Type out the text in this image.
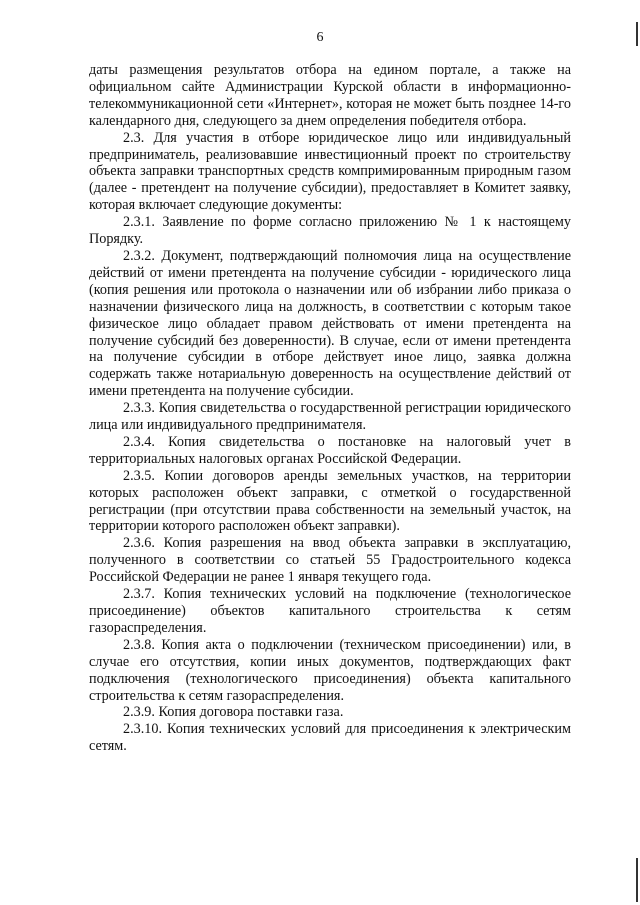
6

даты размещения результатов отбора на едином портале, а также на официальном сайте Администрации Курской области в информационно-телекоммуникационной сети «Интернет», которая не может быть позднее 14-го календарного дня, следующего за днем определения победителя отбора.

2.3. Для участия в отборе юридическое лицо или индивидуальный предприниматель, реализовавшие инвестиционный проект по строительству объекта заправки транспортных средств компримированным природным газом (далее - претендент на получение субсидии), предоставляет в Комитет заявку, которая включает следующие документы:

2.3.1. Заявление по форме согласно приложению № 1 к настоящему Порядку.

2.3.2. Документ, подтверждающий полномочия лица на осуществление действий от имени претендента на получение субсидии - юридического лица (копия решения или протокола о назначении или об избрании либо приказа о назначении физического лица на должность, в соответствии с которым такое физическое лицо обладает правом действовать от имени претендента на получение субсидий без доверенности). В случае, если от имени претендента на получение субсидии в отборе действует иное лицо, заявка должна содержать также нотариальную доверенность на осуществление действий от имени претендента на получение субсидии.

2.3.3. Копия свидетельства о государственной регистрации юридического лица или индивидуального предпринимателя.

2.3.4. Копия свидетельства о постановке на налоговый учет в территориальных налоговых органах Российской Федерации.

2.3.5. Копии договоров аренды земельных участков, на территории которых расположен объект заправки, с отметкой о государственной регистрации (при отсутствии права собственности на земельный участок, на территории которого расположен объект заправки).

2.3.6. Копия разрешения на ввод объекта заправки в эксплуатацию, полученного в соответствии со статьей 55 Градостроительного кодекса Российской Федерации не ранее 1 января текущего года.

2.3.7. Копия технических условий на подключение (технологическое присоединение) объектов капитального строительства к сетям газораспределения.

2.3.8. Копия акта о подключении (техническом присоединении) или, в случае его отсутствия, копии иных документов, подтверждающих факт подключения (технологического присоединения) объекта капитального строительства к сетям газораспределения.

2.3.9. Копия договора поставки газа.

2.3.10. Копия технических условий для присоединения к электрическим сетям.
